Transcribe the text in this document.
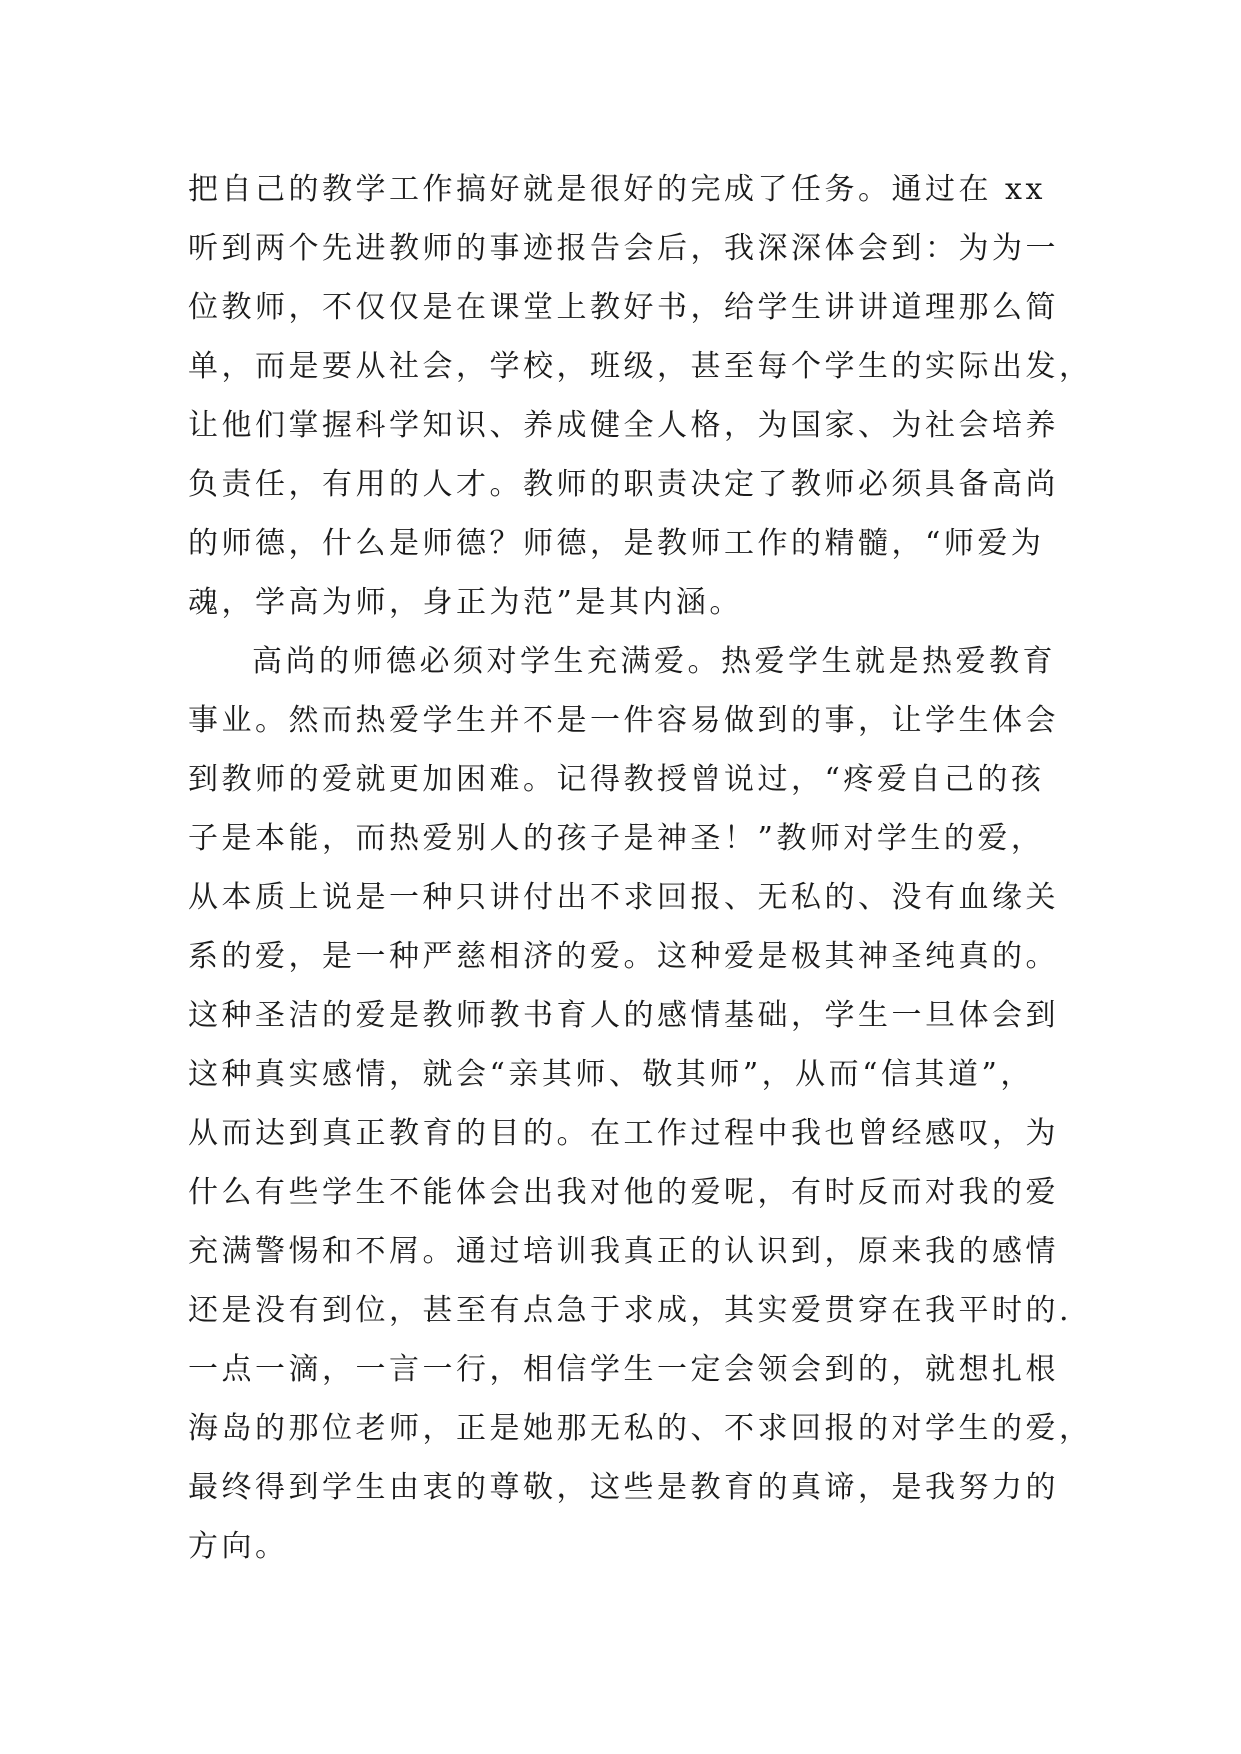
把自己的教学工作搞好就是很好的完成了任务。通过在 xx
听到两个先进教师的事迹报告会后，我深深体会到：为为一
位教师，不仅仅是在课堂上教好书，给学生讲讲道理那么简
单，而是要从社会，学校，班级，甚至每个学生的实际出发，
让他们掌握科学知识、养成健全人格，为国家、为社会培养
负责任，有用的人才。教师的职责决定了教师必须具备高尚
的师德，什么是师德？师德，是教师工作的精髓，“师爱为
魂，学高为师，身正为范”是其内涵。
高尚的师德必须对学生充满爱。热爱学生就是热爱教育
事业。然而热爱学生并不是一件容易做到的事，让学生体会
到教师的爱就更加困难。记得教授曾说过，“疼爱自己的孩
子是本能，而热爱别人的孩子是神圣！”教师对学生的爱，
从本质上说是一种只讲付出不求回报、无私的、没有血缘关
系的爱，是一种严慈相济的爱。这种爱是极其神圣纯真的。
这种圣洁的爱是教师教书育人的感情基础，学生一旦体会到
这种真实感情，就会“亲其师、敬其师”，从而“信其道”，
从而达到真正教育的目的。在工作过程中我也曾经感叹，为
什么有些学生不能体会出我对他的爱呢，有时反而对我的爱
充满警惕和不屑。通过培训我真正的认识到，原来我的感情
还是没有到位，甚至有点急于求成，其实爱贯穿在我平时的.
一点一滴，一言一行，相信学生一定会领会到的，就想扎根
海岛的那位老师，正是她那无私的、不求回报的对学生的爱，
最终得到学生由衷的尊敬，这些是教育的真谛，是我努力的
方向。
